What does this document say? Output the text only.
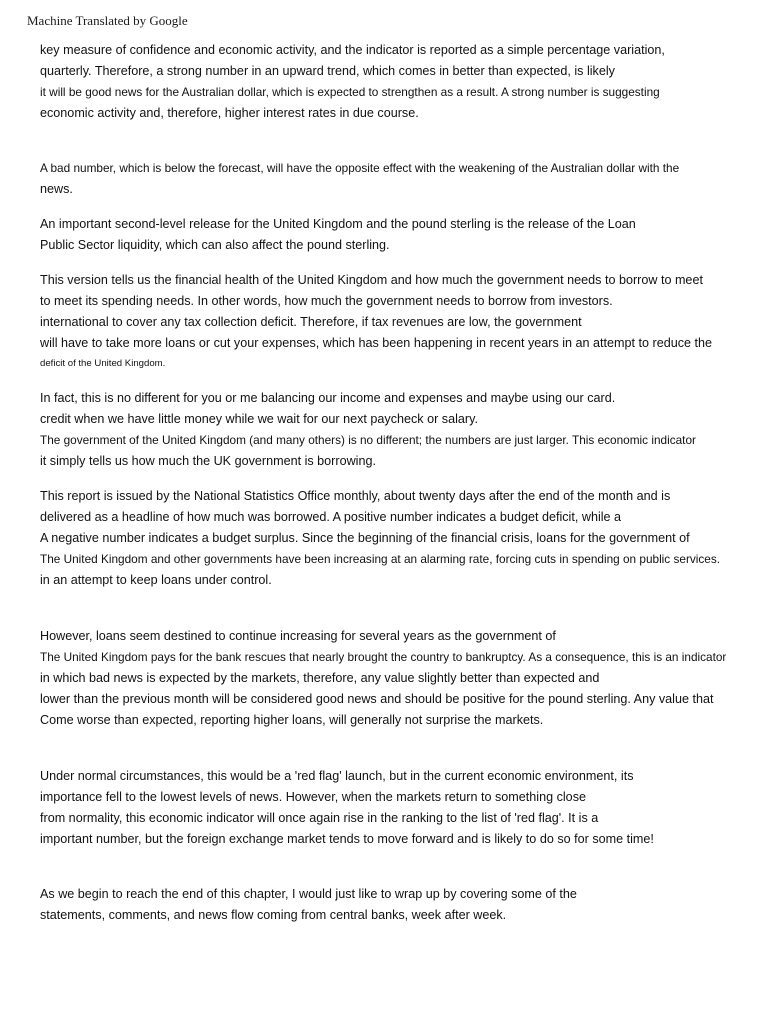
Machine Translated by Google
key measure of confidence and economic activity, and the indicator is reported as a simple percentage variation,
quarterly. Therefore, a strong number in an upward trend, which comes in better than expected, is likely
it will be good news for the Australian dollar, which is expected to strengthen as a result. A strong number is suggesting
economic activity and, therefore, higher interest rates in due course.
A bad number, which is below the forecast, will have the opposite effect with the weakening of the Australian dollar with the
news.
An important second-level release for the United Kingdom and the pound sterling is the release of the Loan
Public Sector liquidity, which can also affect the pound sterling.
This version tells us the financial health of the United Kingdom and how much the government needs to borrow to meet
to meet its spending needs. In other words, how much the government needs to borrow from investors.
international to cover any tax collection deficit. Therefore, if tax revenues are low, the government
will have to take more loans or cut your expenses, which has been happening in recent years in an attempt to reduce the
deficit of the United Kingdom.
In fact, this is no different for you or me balancing our income and expenses and maybe using our card.
credit when we have little money while we wait for our next paycheck or salary.
The government of the United Kingdom (and many others) is no different; the numbers are just larger. This economic indicator
it simply tells us how much the UK government is borrowing.
This report is issued by the National Statistics Office monthly, about twenty days after the end of the month and is
delivered as a headline of how much was borrowed. A positive number indicates a budget deficit, while a
A negative number indicates a budget surplus. Since the beginning of the financial crisis, loans for the government of
The United Kingdom and other governments have been increasing at an alarming rate, forcing cuts in spending on public services.
in an attempt to keep loans under control.
However, loans seem destined to continue increasing for several years as the government of
The United Kingdom pays for the bank rescues that nearly brought the country to bankruptcy. As a consequence, this is an indicator
in which bad news is expected by the markets, therefore, any value slightly better than expected and
lower than the previous month will be considered good news and should be positive for the pound sterling. Any value that
Come worse than expected, reporting higher loans, will generally not surprise the markets.
Under normal circumstances, this would be a 'red flag' launch, but in the current economic environment, its
importance fell to the lowest levels of news. However, when the markets return to something close
from normality, this economic indicator will once again rise in the ranking to the list of 'red flag'. It is a
important number, but the foreign exchange market tends to move forward and is likely to do so for some time!
As we begin to reach the end of this chapter, I would just like to wrap up by covering some of the
statements, comments, and news flow coming from central banks, week after week.
